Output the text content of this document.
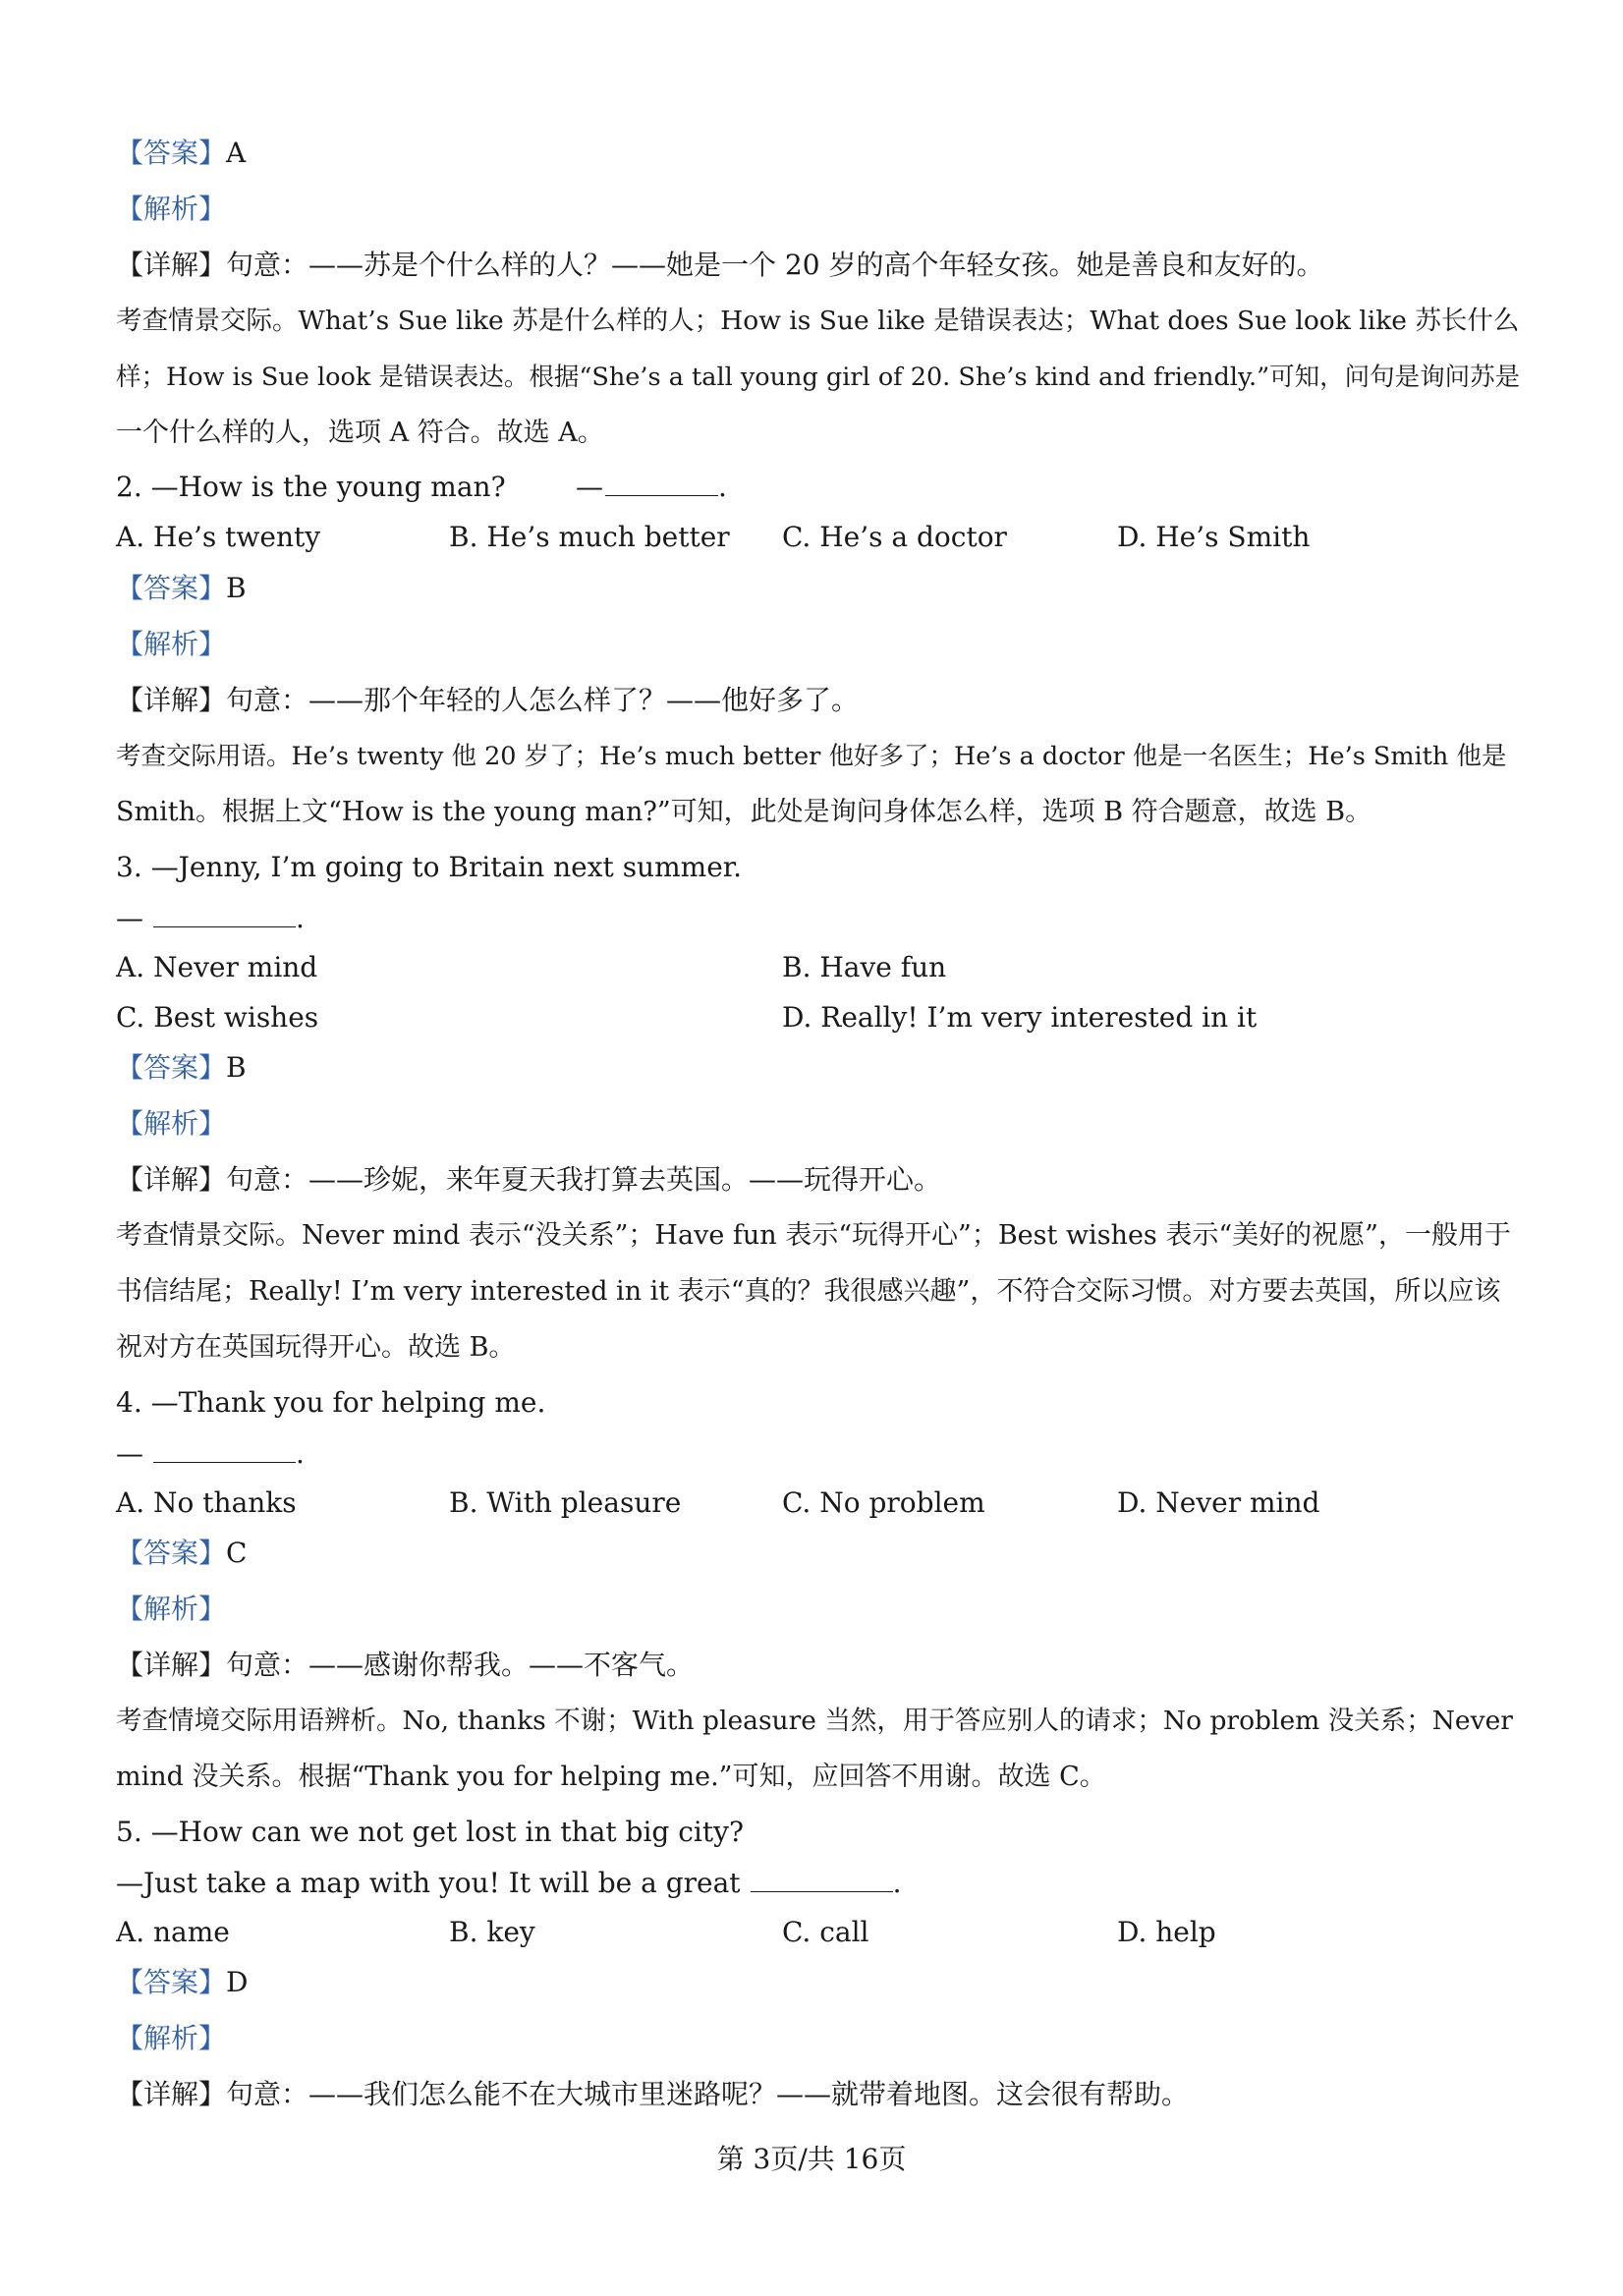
【答案】A
【解析】
【详解】句意：——苏是个什么样的人？——她是一个 20 岁的高个年轻女孩。她是善良和友好的。
考查情景交际。What’s Sue like 苏是什么样的人；How is Sue like 是错误表达；What does Sue look like 苏长什么
样；How is Sue look 是错误表达。根据“She’s a tall young girl of 20. She’s kind and friendly.”可知，问句是询问苏是
一个什么样的人，选项 A 符合。故选 A。
2. —How is the young man?	—	.
A. He’s twenty	B. He’s much better C. He’s a doctor	D. He’s Smith
【答案】B
【解析】
【详解】句意：——那个年轻的人怎么样了？——他好多了。
考查交际用语。He’s twenty 他 20 岁了；He’s much better 他好多了；He’s a doctor 他是一名医生；He’s Smith 他是
Smith。根据上文“How is the young man?”可知，此处是询问身体怎么样，选项 B 符合题意，故选 B。
3. —Jenny, I’m going to Britain next summer.
—	.
A. Never mind	B. Have fun
C. Best wishes	D. Really! I’m very interested in it
【答案】B
【解析】
【详解】句意：——珍妮，来年夏天我打算去英国。——玩得开心。
考查情景交际。Never mind 表示“没关系”；Have fun 表示“玩得开心”；Best wishes 表示“美好的祝愿”，一般用于
书信结尾；Really! I’m very interested in it 表示“真的？我很感兴趣”，不符合交际习惯。对方要去英国，所以应该
祝对方在英国玩得开心。故选 B。
4. —Thank you for helping me.
—	.
A. No thanks	B. With pleasure	C. No problem	D. Never mind
【答案】C
【解析】
【详解】句意：——感谢你帮我。——不客气。
考查情境交际用语辨析。No, thanks 不谢；With pleasure 当然，用于答应别人的请求；No problem 没关系；Never
mind 没关系。根据“Thank you for helping me.”可知，应回答不用谢。故选 C。
5. —How can we not get lost in that big city?
—Just take a map with you! It will be a great	.
A. name	B. key	C. call	D. help
【答案】D
【解析】
【详解】句意：——我们怎么能不在大城市里迷路呢？——就带着地图。这会很有帮助。
第 3页/共 16页
